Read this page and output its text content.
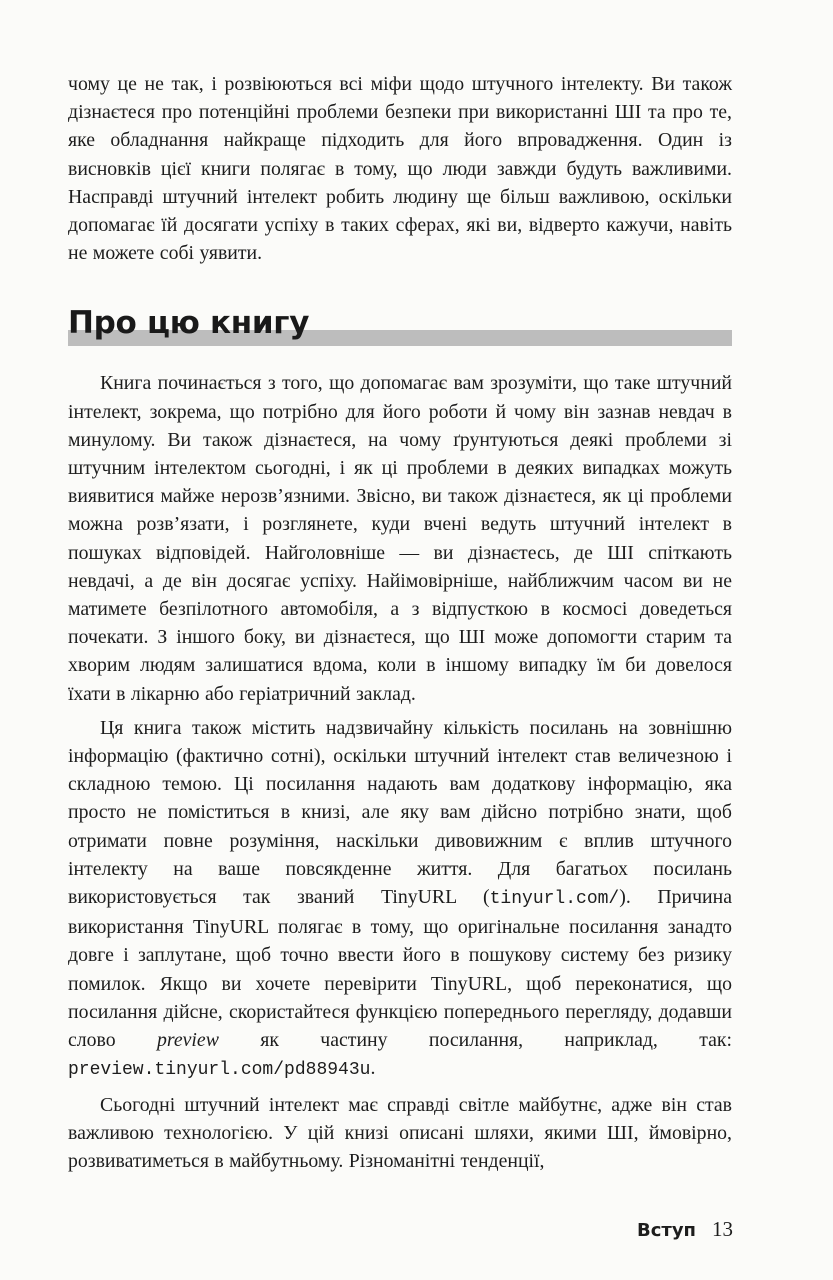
чому це не так, і розвіюються всі міфи щодо штучного інтелекту. Ви також дізнаєтеся про потенційні проблеми безпеки при використанні ШІ та про те, яке обладнання найкраще підходить для його впровадження. Один із висновків цієї книги полягає в тому, що люди завжди будуть важливими. Насправді штучний інтелект робить людину ще більш важливою, оскільки допомагає їй досягати успіху в таких сферах, які ви, відверто кажучи, навіть не можете собі уявити.

Про цю книгу

Книга починається з того, що допомагає вам зрозуміти, що таке штучний інтелект, зокрема, що потрібно для його роботи й чому він зазнав невдач в минулому. Ви також дізнаєтеся, на чому ґрунтуються деякі проблеми зі штучним інтелектом сьогодні, і як ці проблеми в деяких випадках можуть виявитися майже нерозв’язними. Звісно, ви також дізнаєтеся, як ці проблеми можна розв’язати, і розглянете, куди вчені ведуть штучний інтелект в пошуках відповідей. Найголовніше — ви дізнаєтесь, де ШІ спіткають невдачі, а де він досягає успіху. Найімовірніше, найближчим часом ви не матимете безпілотного автомобіля, а з відпусткою в космосі доведеться почекати. З іншого боку, ви дізнаєтеся, що ШІ може допомогти старим та хворим людям залишатися вдома, коли в іншому випадку їм би довелося їхати в лікарню або геріатричний заклад.

Ця книга також містить надзвичайну кількість посилань на зовнішню інформацію (фактично сотні), оскільки штучний інтелект став величезною і складною темою. Ці посилання надають вам додаткову інформацію, яка просто не поміститься в книзі, але яку вам дійсно потрібно знати, щоб отримати повне розуміння, наскільки дивовижним є вплив штучного інтелекту на ваше повсякденне життя. Для багатьох посилань використовується так званий TinyURL (tinyurl.com/). Причина використання TinyURL полягає в тому, що оригінальне посилання занадто довге і заплутане, щоб точно ввести його в пошукову систему без ризику помилок. Якщо ви хочете перевірити TinyURL, щоб переконатися, що посилання дійсне, скористайтеся функцією попереднього перегляду, додавши слово preview як частину посилання, наприклад, так: preview.tinyurl.com/pd88943u.

Сьогодні штучний інтелект має справді світле майбутнє, адже він став важливою технологією. У цій книзі описані шляхи, якими ШІ, ймовірно, розвиватиметься в майбутньому. Різноманітні тенденції,

Вступ 13
